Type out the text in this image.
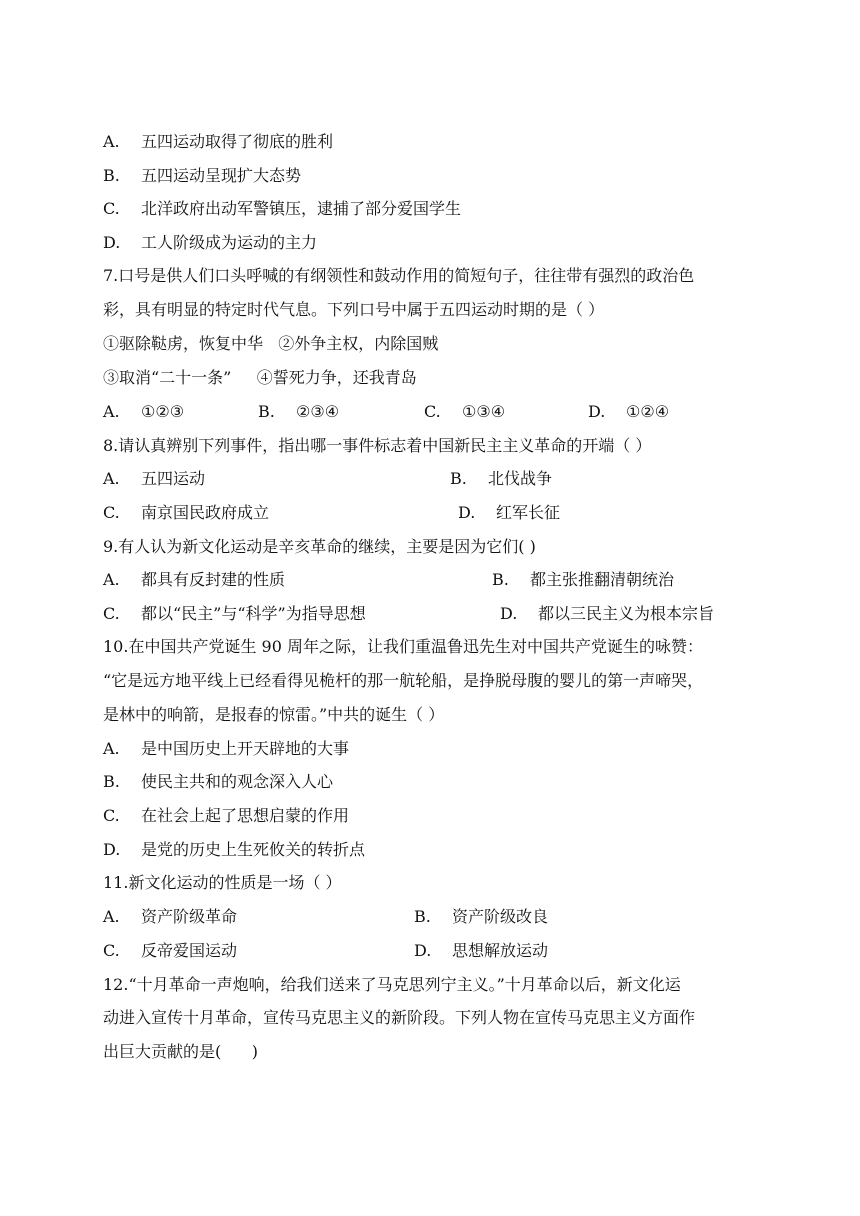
A. 五四运动取得了彻底的胜利
B. 五四运动呈现扩大态势
C. 北洋政府出动军警镇压，逮捕了部分爱国学生
D. 工人阶级成为运动的主力
7.口号是供人们口头呼喊的有纲领性和鼓动作用的简短句子，往往带有强烈的政治色
彩，具有明显的特定时代气息。下列口号中属于五四运动时期的是（ ）
①驱除鞑虏，恢复中华   ②外争主权，内除国贼
③取消“二十一条”     ④誓死力争，还我青岛
A. ①②③	B. ②③④	C. ①③④	D. ①②④
8.请认真辨别下列事件，指出哪一事件标志着中国新民主主义革命的开端（ ）
A. 五四运动	B. 北伐战争
C. 南京国民政府成立	D. 红军长征
9.有人认为新文化运动是辛亥革命的继续，主要是因为它们( )
A. 都具有反封建的性质	B. 都主张推翻清朝统治
C. 都以“民主”与“科学”为指导思想	D. 都以三民主义为根本宗旨
10.在中国共产党诞生 90 周年之际，让我们重温鲁迅先生对中国共产党诞生的咏赞：
“它是远方地平线上已经看得见桅杆的那一航轮船，是挣脱母腹的婴儿的第一声啼哭，
是林中的响箭，是报春的惊雷。”中共的诞生（ ）
A. 是中国历史上开天辟地的大事
B. 使民主共和的观念深入人心
C. 在社会上起了思想启蒙的作用
D. 是党的历史上生死攸关的转折点
11.新文化运动的性质是一场（ ）
A. 资产阶级革命	B. 资产阶级改良
C. 反帝爱国运动	D. 思想解放运动
12.“十月革命一声炮响，给我们送来了马克思列宁主义。”十月革命以后，新文化运
动进入宣传十月革命，宣传马克思主义的新阶段。下列人物在宣传马克思主义方面作
出巨大贡献的是(      )
